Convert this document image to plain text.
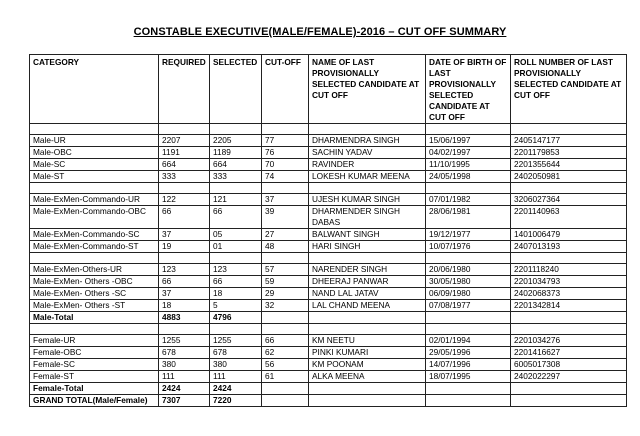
CONSTABLE EXECUTIVE(MALE/FEMALE)-2016 – CUT OFF SUMMARY
CATEGORY	REQUIRED	SELECTED	CUT-OFF	NAME OF LAST PROVISIONALLY SELECTED CANDIDATE AT CUT OFF	DATE OF BIRTH OF LAST PROVISIONALLY SELECTED CANDIDATE AT CUT OFF	ROLL NUMBER OF LAST PROVISIONALLY SELECTED CANDIDATE AT CUT OFF

Male-UR	2207	2205	77	DHARMENDRA SINGH	15/06/1997	2405147177
Male-OBC	1191	1189	76	SACHIN YADAV	04/02/1997	2201179853
Male-SC	664	664	70	RAVINDER	11/10/1995	2201355644
Male-ST	333	333	74	LOKESH KUMAR MEENA	24/05/1998	2402050981

Male-ExMen-Commando-UR	122	121	37	UJESH KUMAR SINGH	07/01/1982	3206027364
Male-ExMen-Commando-OBC	66	66	39	DHARMENDER SINGH DABAS	28/06/1981	2201140963
Male-ExMen-Commando-SC	37	05	27	BALWANT SINGH	19/12/1977	1401006479
Male-ExMen-Commando-ST	19	01	48	HARI SINGH	10/07/1976	2407013193

Male-ExMen-Others-UR	123	123	57	NARENDER SINGH	20/06/1980	2201118240
Male-ExMen- Others -OBC	66	66	59	DHEERAJ PANWAR	30/05/1980	2201034793
Male-ExMen- Others -SC	37	18	29	NAND LAL JATAV	06/09/1980	2402068373
Male-ExMen- Others -ST	18	5	32	LAL CHAND MEENA	07/08/1977	2201342814
Male-Total	4883	4796				

Female-UR	1255	1255	66	KM NEETU	02/01/1994	2201034276
Female-OBC	678	678	62	PINKI KUMARI	29/05/1996	2201416627
Female-SC	380	380	56	KM POONAM	14/07/1996	6005017308
Female-ST	111	111	61	ALKA MEENA	18/07/1995	2402022297
Female-Total	2424	2424				
GRAND TOTAL(Male/Female)	7307	7220				
